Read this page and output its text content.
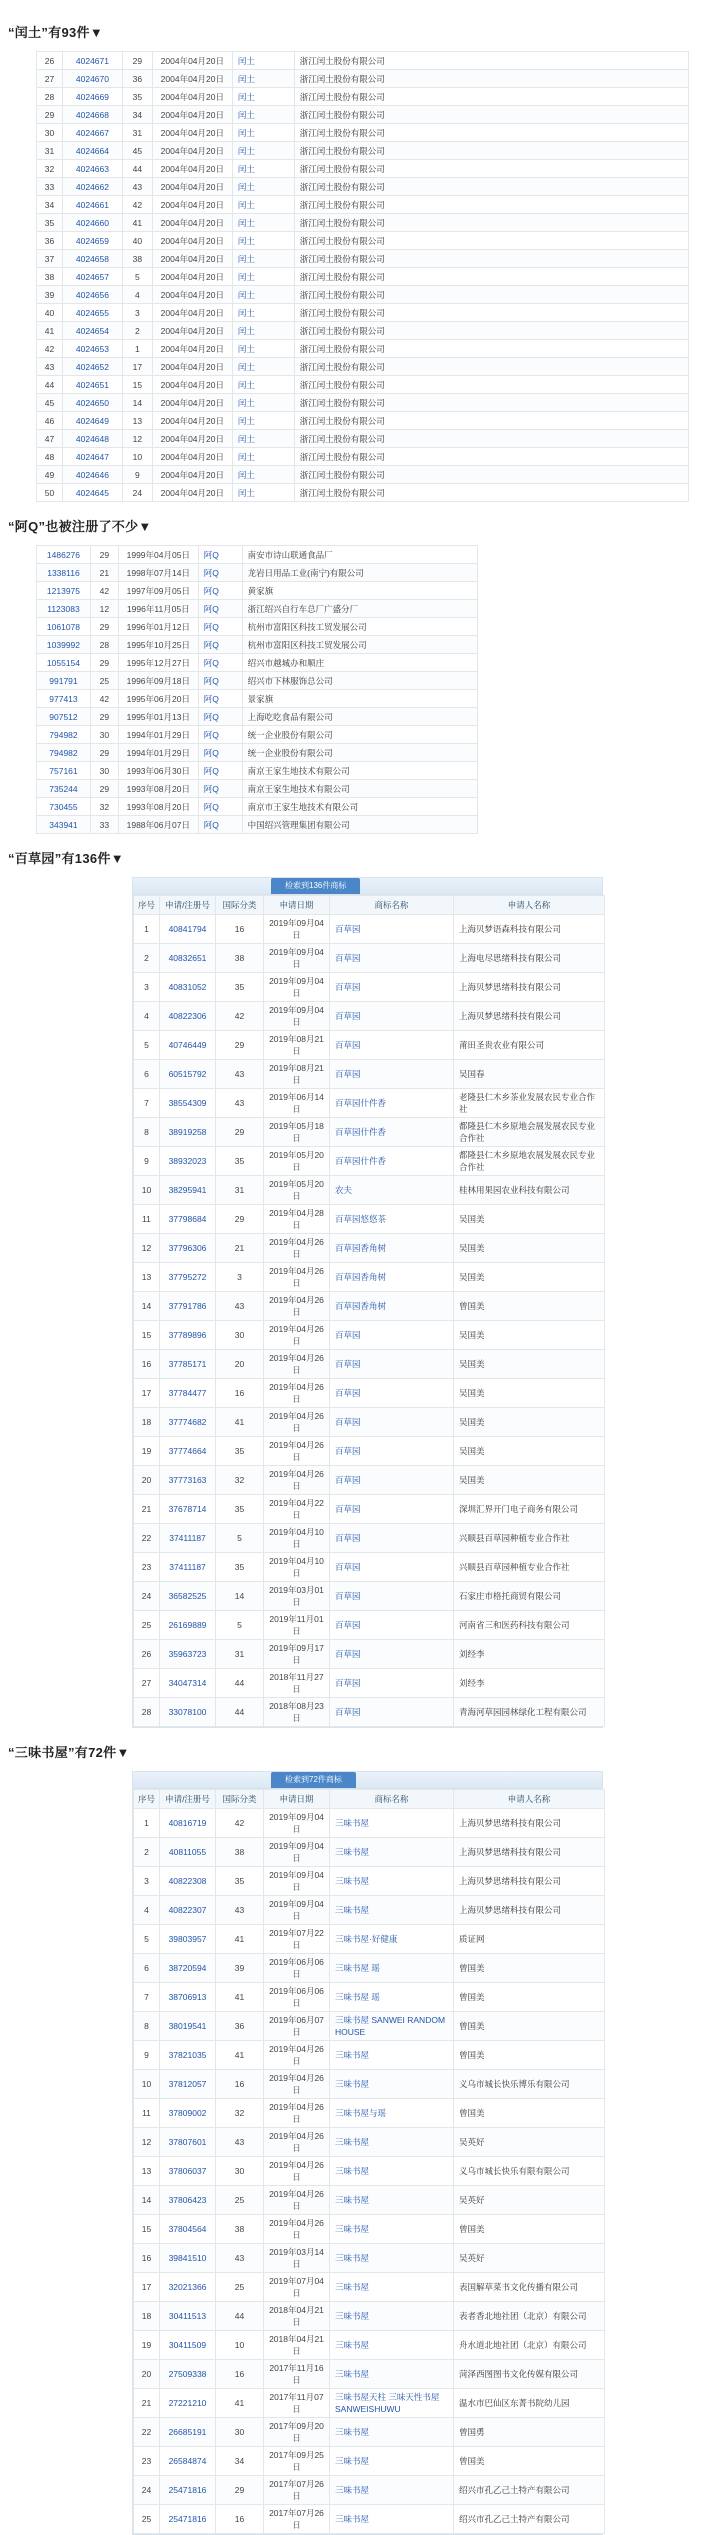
“闰土”有93件▼
26	4024671	29	2004年04月20日	闰土	浙江闰土股份有限公司
27	4024670	36	2004年04月20日	闰土	浙江闰土股份有限公司
28	4024669	35	2004年04月20日	闰土	浙江闰土股份有限公司
29	4024668	34	2004年04月20日	闰土	浙江闰土股份有限公司
30	4024667	31	2004年04月20日	闰土	浙江闰土股份有限公司
31	4024664	45	2004年04月20日	闰土	浙江闰土股份有限公司
32	4024663	44	2004年04月20日	闰土	浙江闰土股份有限公司
33	4024662	43	2004年04月20日	闰土	浙江闰土股份有限公司
34	4024661	42	2004年04月20日	闰土	浙江闰土股份有限公司
35	4024660	41	2004年04月20日	闰土	浙江闰土股份有限公司
36	4024659	40	2004年04月20日	闰土	浙江闰土股份有限公司
37	4024658	38	2004年04月20日	闰土	浙江闰土股份有限公司
38	4024657	5	2004年04月20日	闰土	浙江闰土股份有限公司
39	4024656	4	2004年04月20日	闰土	浙江闰土股份有限公司
40	4024655	3	2004年04月20日	闰土	浙江闰土股份有限公司
41	4024654	2	2004年04月20日	闰土	浙江闰土股份有限公司
42	4024653	1	2004年04月20日	闰土	浙江闰土股份有限公司
43	4024652	17	2004年04月20日	闰土	浙江闰土股份有限公司
44	4024651	15	2004年04月20日	闰土	浙江闰土股份有限公司
45	4024650	14	2004年04月20日	闰土	浙江闰土股份有限公司
46	4024649	13	2004年04月20日	闰土	浙江闰土股份有限公司
47	4024648	12	2004年04月20日	闰土	浙江闰土股份有限公司
48	4024647	10	2004年04月20日	闰土	浙江闰土股份有限公司
49	4024646	9	2004年04月20日	闰土	浙江闰土股份有限公司
50	4024645	24	2004年04月20日	闰土	浙江闰土股份有限公司
“阿Q”也被注册了不少▼
1486276	29	1999年04月05日	阿Q	南安市诗山联通食品厂
1338116	21	1998年07月14日	阿Q	龙岩日用品工业(南宁)有限公司
1213975	42	1997年09月05日	阿Q	黄家旗
1123083	12	1996年11月05日	阿Q	浙江绍兴自行车总厂广盛分厂
1061078	29	1996年01月12日	阿Q	杭州市富阳区科技工贸发展公司
1039992	28	1995年10月25日	阿Q	杭州市富阳区科技工贸发展公司
1055154	29	1995年12月27日	阿Q	绍兴市越城办和顺庄
991791	25	1996年09月18日	阿Q	绍兴市下林服饰总公司
977413	42	1995年06月20日	阿Q	景家旗
907512	29	1995年01月13日	阿Q	上海吃吃食品有限公司
794982	30	1994年01月29日	阿Q	统一企业股份有限公司
794982	29	1994年01月29日	阿Q	统一企业股份有限公司
757161	30	1993年06月30日	阿Q	南京王家生地技术有限公司
735244	29	1993年08月20日	阿Q	南京王家生地技术有限公司
730455	32	1993年08月20日	阿Q	南京市王家生地技术有限公司
343941	33	1988年06月07日	阿Q	中国绍兴管理集团有限公司
“百草园”有136件▼
检索到136件商标
序号	申请/注册号	国际分类	申请日期	商标名称	申请人名称
1	40841794	16	2019年09月04日	百草园	上海贝梦语森科技有限公司
2	40832651	38	2019年09月04日	百草园	上海电尽思绪科技有限公司
3	40831052	35	2019年09月04日	百草园	上海贝梦思绪科技有限公司
4	40822306	42	2019年09月04日	百草园	上海贝梦思绪科技有限公司
5	40746449	29	2019年08月21日	百草园	莆田圣贵农业有限公司
6	60515792	43	2019年08月21日	百草园	吴国春
7	38554309	43	2019年06月14日	百草园什件香	老隆县仁木乡茶业发展农民专业合作社
8	38919258	29	2019年05月18日	百草园什件香	都隆县仁木乡原地会展发展农民专业合作社
9	38932023	35	2019年05月20日	百草园什件香	都隆县仁木乡原地农展发展农民专业合作社
10	38295941	31	2019年05月20日	农夫	桂林用果园农业科技有限公司
11	37798684	29	2019年04月28日	百草园悠悠茶	吴国美
12	37796306	21	2019年04月26日	百草园香角树	吴国美
13	37795272	3	2019年04月26日	百草园香角树	吴国美
14	37791786	43	2019年04月26日	百草园香角树	曾国美
15	37789896	30	2019年04月26日	百草园	吴国美
16	37785171	20	2019年04月26日	百草园	吴国美
17	37784477	16	2019年04月26日	百草园	吴国美
18	37774682	41	2019年04月26日	百草园	吴国美
19	37774664	35	2019年04月26日	百草园	吴国美
20	37773163	32	2019年04月26日	百草园	吴国美
21	37678714	35	2019年04月22日	百草园	深圳汇界开门电子商务有限公司
22	37411187	5	2019年04月10日	百草园	兴顺县百草园种植专业合作社
23	37411187	35	2019年04月10日	百草园	兴顺县百草园种植专业合作社
24	36582525	14	2019年03月01日	百草园	石家庄市格托商贸有限公司
25	26169889	5	2019年11月01日	百草园	河南省三和医药科技有限公司
26	35963723	31	2019年09月17日	百草园	刘经李
27	34047314	44	2018年11月27日	百草园	刘经李
28	33078100	44	2018年08月23日	百草园	青海河草园园林绿化工程有限公司
“三味书屋”有72件▼
检索到72件商标
序号	申请/注册号	国际分类	申请日期	商标名称	申请人名称
1	40816719	42	2019年09月04日	三味书屋	上海贝梦思绪科技有限公司
2	40811055	38	2019年09月04日	三味书屋	上海贝梦思绪科技有限公司
3	40822308	35	2019年09月04日	三味书屋	上海贝梦思绪科技有限公司
4	40822307	43	2019年09月04日	三味书屋	上海贝梦思绪科技有限公司
5	39803957	41	2019年07月22日	三味书屋·好健康	质证网
6	38720594	39	2019年06月06日	三味书屋 瑶	曾国美
7	38706913	41	2019年06月06日	三味书屋 瑶	曾国美
8	38019541	36	2019年06月07日	三味书屋 SANWEI RANDOM HOUSE	曾国美
9	37821035	41	2019年04月26日	三味书屋	曾国美
10	37812057	16	2019年04月26日	三味书屋	义乌市城长快乐博乐有限公司
11	37809002	32	2019年04月26日	三味书屋与瑶	曾国美
12	37807601	43	2019年04月26日	三味书屋	吴英好
13	37806037	30	2019年04月26日	三味书屋	义乌市城长快乐有限有限公司
14	37806423	25	2019年04月26日	三味书屋	吴英好
15	37804564	38	2019年04月26日	三味书屋	曾国美
16	39841510	43	2019年03月14日	三味书屋	吴英好
17	32021366	25	2019年07月04日	三味书屋	表国解草菜书文化传播有限公司
18	30411513	44	2018年04月21日	三味书屋	表者香北地社团（北京）有限公司
19	30411509	10	2018年04月21日	三味书屋	舟水道北地社团（北京）有限公司
20	27509338	16	2017年11月16日	三味书屋	菏泽西图图书文化传媒有限公司
21	27221210	41	2017年11月07日	三味书屋天柱 三味天性书屋 SANWEISHUWU	温水市巴仙区东菁书院幼儿园
22	26685191	30	2017年09月20日	三味书屋	曾国勇
23	26584874	34	2017年09月25日	三味书屋	曾国美
24	25471816	29	2017年07月26日	三味书屋	绍兴市孔乙己土特产有限公司
25	25471816	16	2017年07月26日	三味书屋	绍兴市孔乙己土特产有限公司
